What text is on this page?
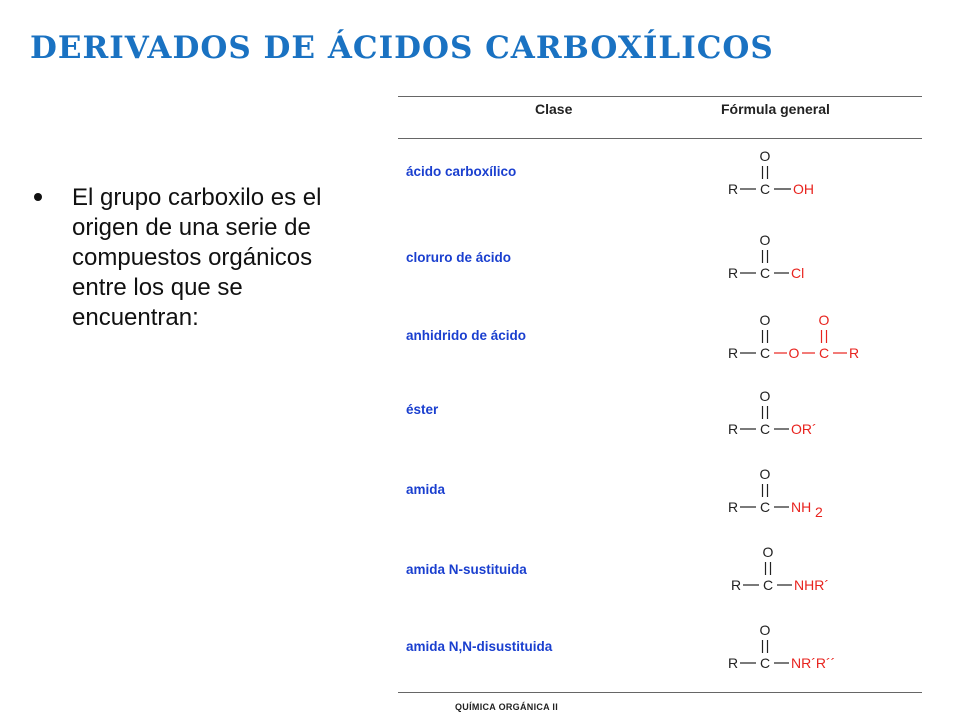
DERIVADOS DE ÁCIDOS CARBOXÍLICOS
El grupo carboxilo es el origen de una serie de compuestos orgánicos entre los que se encuentran:
Clase	Fórmula general
ácido carboxílico
O
R C OH
cloruro de ácido
O
R C Cl
anhidrido de ácido
O
R C O
O
C R
éster
O
R C OR´
amida
O
R C NH 2
amida N-sustituida
O
R C NHR´
amida N,N-disustituida
O
R C NR´R´´
QUÍMICA ORGÁNICA II
